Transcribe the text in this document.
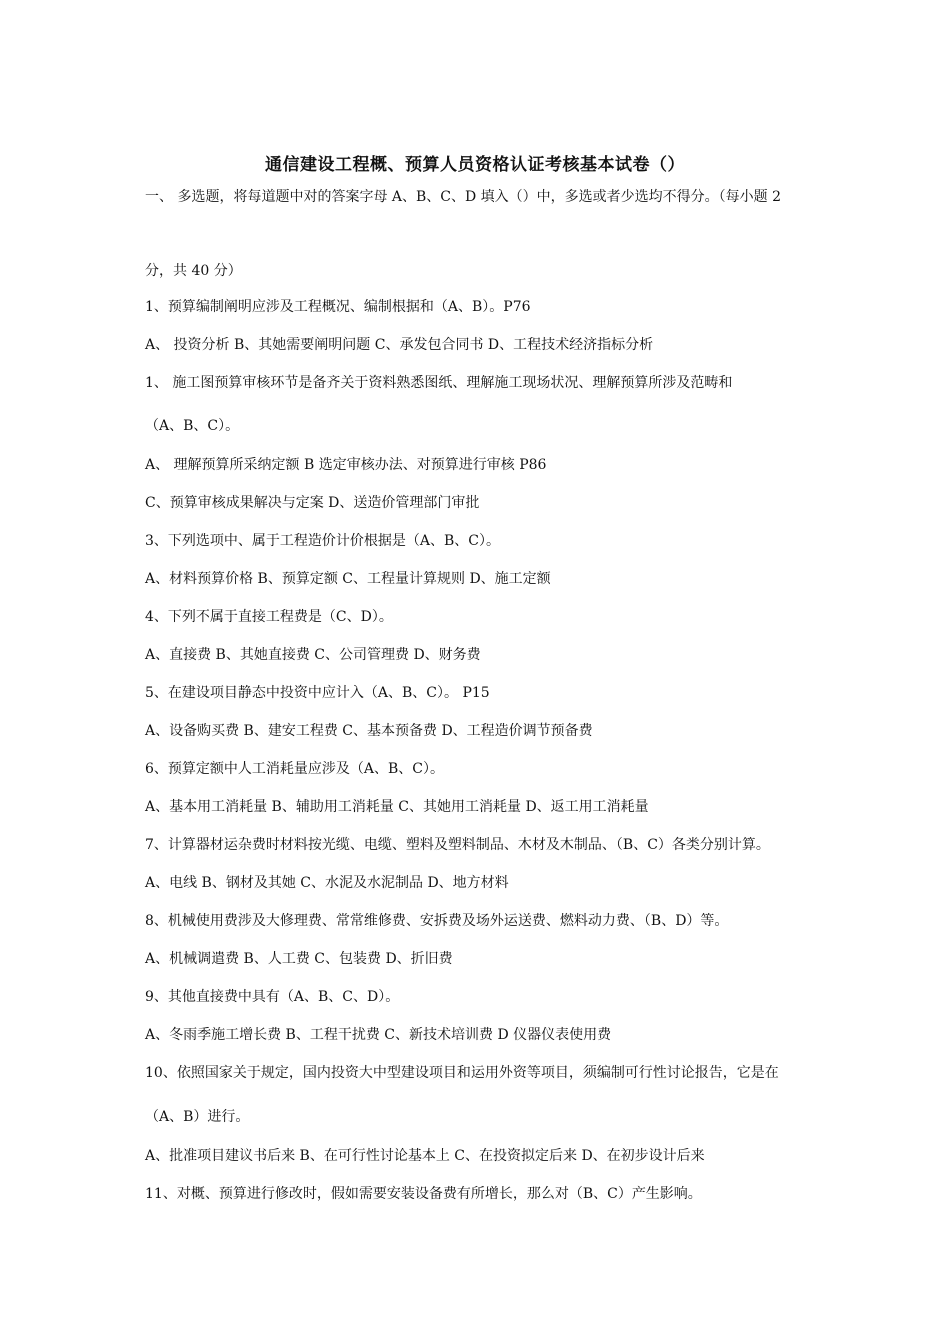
通信建设工程概、预算人员资格认证考核基本试卷（）
一、 多选题，将每道题中对的答案字母 A、B、C、D 填入（）中，多选或者少选均不得分。（每小题 2
分，共 40 分）
1、预算编制阐明应涉及工程概况、编制根据和（A、B）。P76
A、 投资分析 B、其她需要阐明问题 C、承发包合同书 D、工程技术经济指标分析
1、 施工图预算审核环节是备齐关于资料熟悉图纸、理解施工现场状况、理解预算所涉及范畴和
（A、B、C）。
A、 理解预算所采纳定额 B 选定审核办法、对预算进行审核 P86
C、预算审核成果解决与定案 D、送造价管理部门审批
3、下列选项中、属于工程造价计价根据是（A、B、C）。
A、材料预算价格 B、预算定额 C、工程量计算规则 D、施工定额
4、下列不属于直接工程费是（C、D）。
A、直接费 B、其她直接费 C、公司管理费 D、财务费
5、在建设项目静态中投资中应计入（A、B、C）。 P15
A、设备购买费 B、建安工程费 C、基本预备费 D、工程造价调节预备费
6、预算定额中人工消耗量应涉及（A、B、C）。
A、基本用工消耗量 B、辅助用工消耗量 C、其她用工消耗量 D、返工用工消耗量
7、计算器材运杂费时材料按光缆、电缆、塑料及塑料制品、木材及木制品、（B、C）各类分别计算。
A、电线 B、钢材及其她 C、水泥及水泥制品 D、地方材料
8、机械使用费涉及大修理费、常常维修费、安拆费及场外运送费、燃料动力费、（B、D）等。
A、机械调遣费 B、人工费 C、包装费 D、折旧费
9、其他直接费中具有（A、B、C、D）。
A、冬雨季施工增长费 B、工程干扰费 C、新技术培训费 D 仪器仪表使用费
10、依照国家关于规定，国内投资大中型建设项目和运用外资等项目，须编制可行性讨论报告，它是在
（A、B）进行。
A、批准项目建议书后来 B、在可行性讨论基本上 C、在投资拟定后来 D、在初步设计后来
11、对概、预算进行修改时，假如需要安装设备费有所增长，那么对（B、C）产生影响。
